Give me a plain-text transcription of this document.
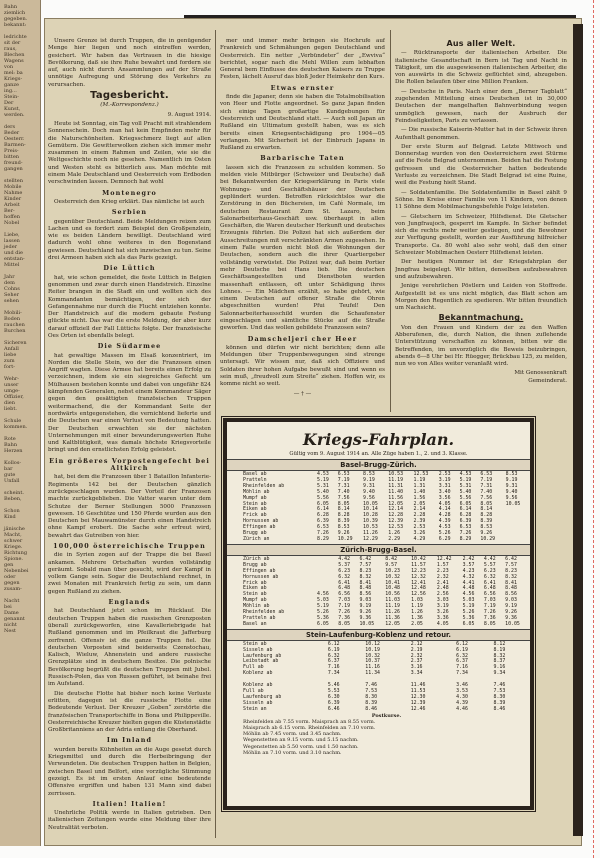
Bahn
ziemlich
gegeben.
bekannt:

ledrichte
sit der
raus,
Blechen
Wagens
von
mel: ba
Kriegs-
ganze
ing...
Stein-
Der
Kunst,
werden.

ders
Beder
Oesterr.
Barmen-
Preis-
bitten
freund-
gangen

stellten
Mobile
Nahme
Kinder
Arbeit
Ber-
hoffen
Nobel

Liebe,
lassen
jeder
und die
entstan-
Mittel

Jahr
dem
Cohns
Seher
sehen

Mobili-
Boden
rauchen
Burchen

Sicheren
Anfall
liebe
zum
fort-

Wehr-
unser
umge-
Offizier,
dien
liebt.

Schule
kommen.

Rote
Bahn
Herzen

Kollos-
bar
gute
Unfall

scheint.
Beben,

Schon
Kind

jänische
Macht,
schwer
Kriege.
Richtung
Spione.
gen
Nebenbei
oder
gegen
zusam-

Nacht
bei
Dame
genannt
nicht
Nest

Unsere Grenze ist durch Truppen, die in genügender Menge hier liegen und noch eintreffen werden, gesichert. Wir haben das Vertrauen in die hiesige Bevölkerung, daß sie ihre Ruhe bewahrt und fordern sie auf, auch nicht durch Ansammlungen auf der Straße unnötige Aufregung und Störung des Verkehrs zu verursachen.

Tagesbericht.
(M.-Korrespondenz.)
9. August 1914.

Heute ist Sonntag, ein Tag voll Pracht mit strahlendem Sonnenschein. Doch man hat kein Empfinden mehr für die Naturschönheiten. Kriegsschmerz liegt auf allen Gemütern. Die Gewitterwolken ziehen sich immer mehr zusammen in einem Rahmen und Zeilen, wie sie die Weltgeschichte noch nie gesehen. Namentlich im Osten und Westen steht es bitterlich aus. Man möchte mit einem Male Deutschland und Oesterreich vom Erdboden verschwinden lassen. Demnoch hat wohl

Montenegro

Oesterreich den Krieg erklärt. Das nämliche ist auch

Serbien

gegenüber Deutschland. Beide Meldungen reizen zum Lachen und es fordert zum Beispiel den Großpenzlein, wie es beiden Ländern bewilligt. Deutschland wird dadurch wohl ohne weiteres in den Bogenstand gewiesen. Deutschland hat sich inzwischen zu tun. Seine drei Armeen haben sich als das Paris gezeigt.

Die Lüttich

hat, wie schon gemeldet, die feste Lüttich in Belgien genommen und zwar durch einen Handstreich. Einzelne Reiter brangen in die Stadt ein und wollten sich des Kommandanten bemächtigen, der sich der Gefangennahme nur durch die Flucht entziehen konnte. Der Handstreich auf die modern gebaute Festung glückte nicht. Das war die erste Meldung, der aber kurz darauf offiziell der Fall Lüttichs folgte. Der französische Oes Orten ist ebenfalls belegt.

Die Südarmee

hat gewaltige Massen im Elsaß konzentriert, im Norden die Stelle Stein, wo der die Franzosen einen Angriff wagten. Diese Armee hat bereits einen Erfolg zu verzeichnen, indem sie ein siegreiches Gefecht um Mülhausen bestehen konnte und dabei von ungefähr 824 kämpfenden Generalen, nebst einem Kommandeur Säger gegen den gesättigten französischen Truppen weitermachend, die der Kommandant Seite der nordwärts entgegenstehen, die vernichtend lieferte und die Deutschen war einen Verlust von Bedeutung hatten. Der Deutschen erwachten sie der nächsten Unternehmungen mit einer bewunderungswerten Ruhe und Kaltblütigkeit, was damals höchste Kriegsvorteile bringt und den ernstlichsten Erfolg geleistet.

Ein größeres Vorpostengefecht bei Altkirch

hat, bei dem die Franzosen über 1 Bataillon Infanterie-Regiments 142 bei der Deutschen gänzlich zurückgeschlagen wurden. Der Vorteil der Franzosen machte zurückgeblieben. Die Vatter waren unter dem Schutze der Berner Stellungen 5000 Franzosen gewesen. 16 Geschütze und 150 Pferde wurden aus den Deutschen bei Mauwamünster durch einen Handstreich ohne Kampf erobert. Die Sache sehr erfreut wird, bewahrt das Gutreiben von hier.

100,000 österreichische Truppen

die in Syrien zogen auf der Trappe die bei Basel ankamen. Mehrere Ortschaften wurden vollständig geräumt. Sobald man über gesucht, wird der Kampf in vollem Gange sein. Sogar die Deutschland rechnet, in zwei Monaten mit Frankreich fertig zu sein, um dann gegen Rußland zu ziehen.

Englands

hat Deutschland jetzt schon im Rücklauf. Die deutschen Truppen haben die russischen Grenzposten überall zurückgeworfen, eine Kavalleriebrigade hat Rußland genommen und im Pfeilkraut die Jafferburg zerfrennt. Offensiv ist die ganze Truppen fiel. Die deutschen Vorposten sind beiderseits Czenstochau, Kalisch, Wieluw, Ahnenstein und andere russische Grenzplätze sind in deutschem Besitze. Die polnische Bevölkerung begrüßt die deutschen Truppen mit Jubel. Russisch-Polen, das von Russen geführt, ist beinahe frei im Aufstand.

Die deutsche Flotte hat bisher noch keine Verluste erlitten, dagegen ist die russische Flotte eine Bedeutende Verlust. Der Kreuzer „Goben“ zerstörte die französischen Transportschiffe in Bona und Philippeville. Oesterreichische Kreuzer hielten gegen die Küstenstädte Großbritanniens an der Adria entlang die Oberhand.

Im Inland

wurden bereits Kühnheiten an die Auge gesetzt durch Kriegsmittel und durch die Herbeibringung der Verwundeten. Die deutschen Truppen hatten in Belgien, zwischen Basel und Belfort, eine vorzügliche Stimmung gezeigt. Es ist im ersten Anlauf eine bedeutende Offensive ergriffen und haben 131 Mann sind dabei zerrissen.

Italien! Italien!

Unehrliche Politik werde in Italien getrieben. Den italienischen Zeitungen wurde eine Meldung über ihre Neutralität verboten.

mer und immer mehr bringen sie Hochrufe auf Frankreich und Schmähungen gegen Deutschland und Oesterreich. Ein netter „Verbündeter“ der „Ewviva“ berichtet, sogar nach die Mehl Willen zum lebhaften General bem Einflusse des deutschen Kaisers zu Truppe Festen, lächelt Ausruf das bloß Jeder Heimkehr den Kurs.

Etwas ernster

finde die Japaner, denn sie haben die Totalmobilisation von Heer und Flotte angeordnet. So ganz Japan finden sich einige Tagen großartige Kundgebungen für Oesterreich und Deutschland statt. — Auch soll Japan an Rußland ein Ultimatum gestellt haben, was es sich bereits einen Kriegsentschädigung pro 1904—05 verlangen. Mit Sicherheit ist der Einbruch Japans in Rußland zu erwarten.

Barbarische Taten

lassen sich die Franzosen zu schulden kommen. So melden viele Mitbürger (Schweizer und Deutsche) daß bei Bekanntwerden der Kriegserklärung in Paris viele Wohnungs- und Geschäftshäuser der Deutschen geplündert wurden. Betroffen rücksichtslos war die Zerstörung in den Büchereien, im Café Normale, im deutschen Restaurant Zum St. Lazaro, beim Salonarbeiterhaus-Geschäft usw. überhaupt in allen Geschäften, die Waren deutscher Herkunft und deutsches Erzeugnis führten. Die Polizei hat sich außerdem der Ausschreitungen mit verschränkten Armen zugesehen. In einem Falle wurden nicht bloß die Wohnungen der Deutschen, sondern auch die ihrer Quartiergeber vollständig verwüstet. Die Polizei war, daß beim Portier mehr Deutsche bei Hans lieb. Die deutschen Geschäftsangestellten und Dienstboten wurden massenhaft entlassen, oft unter Schädigung ihres Lohnes. — Ein Mädchen erzählt, so habe gehört, wie einem Deutschen auf offener Straße die Ohren abgeschnitten wurden! Pfui Teufel! Den Salonnarbeiterhausschild wurden die Schaufenster eingeschlagen und sämtliche Stücke auf die Straße geworfen. Und das wollen gebildete Franzosen sein?

Damscheljeri cher Heer

können und dürfen wir nicht berichten; denn alle Meldungen über Truppenbewegungen sind strenge untersagt. Wir wissen nur, daß sich Offiziere und Soldaten ihrer hohen Aufgabe bewußt sind und wenn es sein muß, „freudvoll zum Streite“ ziehen. Hoffen wir, es komme nicht so weit.

— † —
Aus aller Welt.

— Rücktransporte der italienischen Arbeiter. Die italienische Gesandtschaft in Bern ist Tag und Nacht in Tätigkeit, um die ausgewiesenen italienischen Arbeiter, die von auswärts in die Schweiz geflüchtet sind, abzugeben. Die Rollen belaufen über eine Million Franken.

— Deutsche in Paris. Nach einer dem „Berner Tagblatt“ zugehenden Mitteilung eines Deutschen ist in 30,000 Deutschen der mangelhaften Bahnverbindung wegen unmöglich gewesen, nach der Ausbruch der Feindseligkeiten, Paris zu verlassen.

— Die russische Kaiserin-Mutter hat in der Schweiz ihren Aufenthalt genommen.

Der erste Sturm auf Belgrad. Letzte Mittwoch und Donnerstag wurden von den Oesterreichern zwei Stürme auf die Feste Belgrad unternommen. Beiden hat die Festung gefressen und die Oesterreicher hatten bedeutende Verluste zu verzeichnen. Die Stadt Belgrad ist eine Ruine, weil die Festung hielt Stand.

— Soldatenfamilie. Die Soldatenfamilie in Basel zählt 9 Söhne. Im Kreise einer Familie von 11 Kindern, von denen 11 Söhne dem Mobilmachungsbefehle Folge leisteten.

— Gletschern im Schweizer, Hilfsdienst. Die Gletscher von Jungfraujoch, gesperrt im Kampfe. In Sicher befindet sich die rechts mehr weiter gestiegen, und die Bewohner zur Verfügung gestellt, worden zur Ausführung hilfreicher Transporte. Ca. 80 wohl also sehr wohl, daß den einer Schweizer Mobilmachen Oesterr Hilfsdienst leisten.

Der heutigen Nummer ist der Kriegsfahrplan der Jnngfrau beigelegt. Wir bitten, denselben aufzubewahren und aufzubewahren.

Jenige verehrlichen Pöstlern und Leiden von Stoffrede. Aufgestellt ist es uns nicht möglich, das Blatt schon am Morgen den Regentlich zu spedieren. Wir bitten freundlich um Nachsicht.

Bekanntmachung.

Von den Frauen und Kindern der zu den Waffen Abberufenen, die, durch Nation, die ihnen zuflehende Unterstützung verschaffen zu können, bitten wir die Betreffenden, im unvorzüglich die Beweis beizubringen, abends 6—8 Uhr bei Hr. Rüegger, Brückbau 125, zu melden, nun wo von Alles weiter veranlaßt wird.

Mit Genossenkraft
Gemeinderat.
Kriegs-Fahrplan.
Gültig vom 9. August 1914 an. Alle Züge haben 1., 2. und 3. Klasse.
Basel-Brugg-Zürich.
Basel ab	4.53	6.53	8.53	10.53	12.53	2.53	4.53	6.53	8.53
Pratteln	5.19	7.19	9.19	11.19	1.19	3.19	5.19	7.19	9.19
Rheinfelden ab	5.31	7.31	9.31	11.31	1.31	3.31	5.31	7.31	9.31
Möhlin ab	5.40	7.40	9.40	11.40	1.40	3.40	5.40	7.40	9.40
Mumpf ab	5.56	7.56	9.56	11.56	1.56	3.56	5.56	7.56	9.56
Stein ab	6.05	8.05	10.05	12.05	2.05	4.05	6.05	8.05	10.05
Eiken ab	6.14	8.14	10.14	12.14	2.14	4.14	6.14	8.14	
Frick ab	6.28	8.28	10.28	12.28	2.28	4.28	6.28	8.28	
Hornussen ab	6.39	8.39	10.39	12.39	2.39	4.39	6.39	8.39	
Effingen ab	6.53	8.53	10.53	12.53	2.53	4.53	6.53	8.53	
Brugg ab	7.26	9.26	11.26	1.26	3.26	5.26	7.26	9.26	
Zürich an	8.29	10.29	12.29	2.29	4.29	6.29	8.29	10.29	
Zürich-Brugg-Basel.
Zürich ab		4.42	6.42	8.42	10.42	12.42	2.42	4.42	6.42
Brugg ab		5.37	7.57	9.57	11.57	1.57	3.57	5.57	7.57
Effingen ab		6.23	8.23	10.23	12.23	2.23	4.23	6.23	8.23
Hornussen ab		6.32	8.32	10.32	12.32	2.32	4.32	6.32	8.32
Frick ab		6.41	8.41	10.41	12.41	2.41	4.41	6.41	8.41
Eiken ab		6.48	8.48	10.48	12.48	2.48	4.48	6.48	8.48
Stein ab	4.56	6.56	8.56	10.56	12.56	2.56	4.56	6.56	8.56
Mumpf ab	5.03	7.03	9.03	11.03	1.03	3.03	5.03	7.03	9.03
Möhlin ab	5.19	7.19	9.19	11.19	1.19	3.19	5.19	7.19	9.19
Rheinfelden ab	5.26	7.26	9.26	11.26	1.26	3.26	5.26	7.26	9.26
Pratteln ab	5.36	7.36	9.36	11.36	1.36	3.36	5.36	7.36	9.36
Basel an	6.05	8.05	10.05	12.05	2.05	4.05	6.05	8.05	10.05
Stein-Laufenburg-Koblenz und retour.
Stein ab			6.12	10.12	2.12	6.12	8.12
Sisseln ab			6.19	10.19	2.19	6.19	8.19
Laufenburg ab			6.32	10.32	2.32	6.32	8.32
Leibstadt ab			6.37	10.37	2.37	6.37	8.37
Full ab			7.16	11.16	3.16	7.16	9.16
Koblenz ab			7.34	11.34	3.34	7.34	9.34

Koblenz ab			5.46	7.46	11.46	3.46	7.46
Full ab			5.53	7.53	11.53	3.53	7.53
Laufenburg ab			6.30	8.30	12.30	4.30	8.30
Sisseln ab			6.39	8.39	12.39	4.39	8.39
Stein an			6.46	8.46	12.46	4.46	8.46
Postkurse.
Rheinfelden ab 7.55 vorm. Maisprach an 8.55 vorm.
Maisprach ab 6.15 vorm. Rheinfelden an 7.10 vorm.
Möhlin ab 7.45 vorm. und 3.45 nachm.
Wegenstetten an 9.15 vorm. und 5.15 nachm.
Wegenstetten ab 5.50 vorm. und 1.50 nachm.
Möhlin an 7.10 vorm. und 3.10 nachm.
